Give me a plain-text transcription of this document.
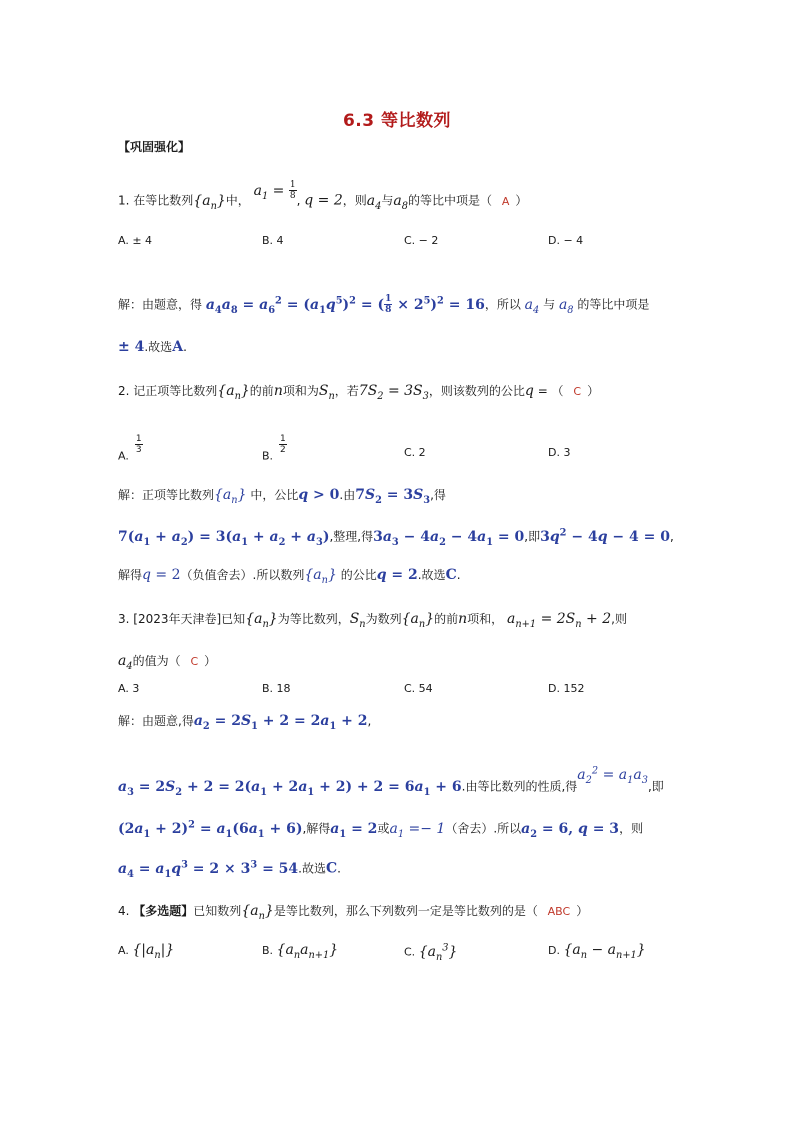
6.3 等比数列
【巩固强化】
1. 在等比数列$\{a_n\}$中， $a_1 = \frac{1}{8}$ , q = 2，则$a_4$与$a_8$的等比中项是（ A ）
A. ± 4	B. 4	C. − 2	D. − 4
解：由题意，得 $a_4a_8 = a_6^2 = (a_1q^5)^2$ = ( $\frac{1}{8} \times 2^5)^2 = 16$，所以 $a_4$ 与 $a_8$ 的等比中项是
± 4.故选A.
2. 记正项等比数列$\{a_n\}$的前n项和为$S_n$，若$7S_2 = 3S_3$，则该数列的公比q = （ C ）
A.
$\frac{1}{3}$
B.
$\frac{1}{2}$	C. 2	D. 3
解：正项等比数列$\{a_n\}$ 中，公比q > 0.由$7S_2 = 3S_3$,得
$7(a_1 + a_2) = 3(a_1 + a_2 + a_3)$,整理,得$3a_3 - 4a_2 - 4a_1 = 0$,即$3q^2 - 4q - 4 = 0$,
解得q = 2（负值舍去）.所以数列$\{a_n\}$ 的公比q = 2.故选C.
3. [2023年天津卷]已知$\{a_n\}$为等比数列，$S_n$为数列$\{a_n\}$的前n项和， $a_{n+1} = 2S_n + 2$,则
$a_4$的值为（ C ）
A. 3	B. 18	C. 54	D. 152
解：由题意,得$a_2 = 2S_1 + 2 = 2a_1 + 2$,
$a_3 = 2S_2 + 2 = 2(a_1 + 2a_1 + 2) + 2 = 6a_1 + 6$.由等比数列的性质,得$a_2^2 = a_1a_3$,即
$(2a_1 + 2)^2 = a_1(6a_1 + 6)$,解得$a_1 = 2$或$a_1 =- 1$（舍去）.所以$a_2 = 6$, q = 3，则
$a_4 = a_1q^3 = 2 \times 3^3 = 54$.故选C.
4. 【多选题】已知数列$\{a_n\}$是等比数列，那么下列数列一定是等比数列的是（ ABC ）
A. $\{|a_n|\}$	B. $\{a_na_{n+1}\}$	C. $\{a_n^3\}$	D. $\{a_n - a_{n+1}\}$
